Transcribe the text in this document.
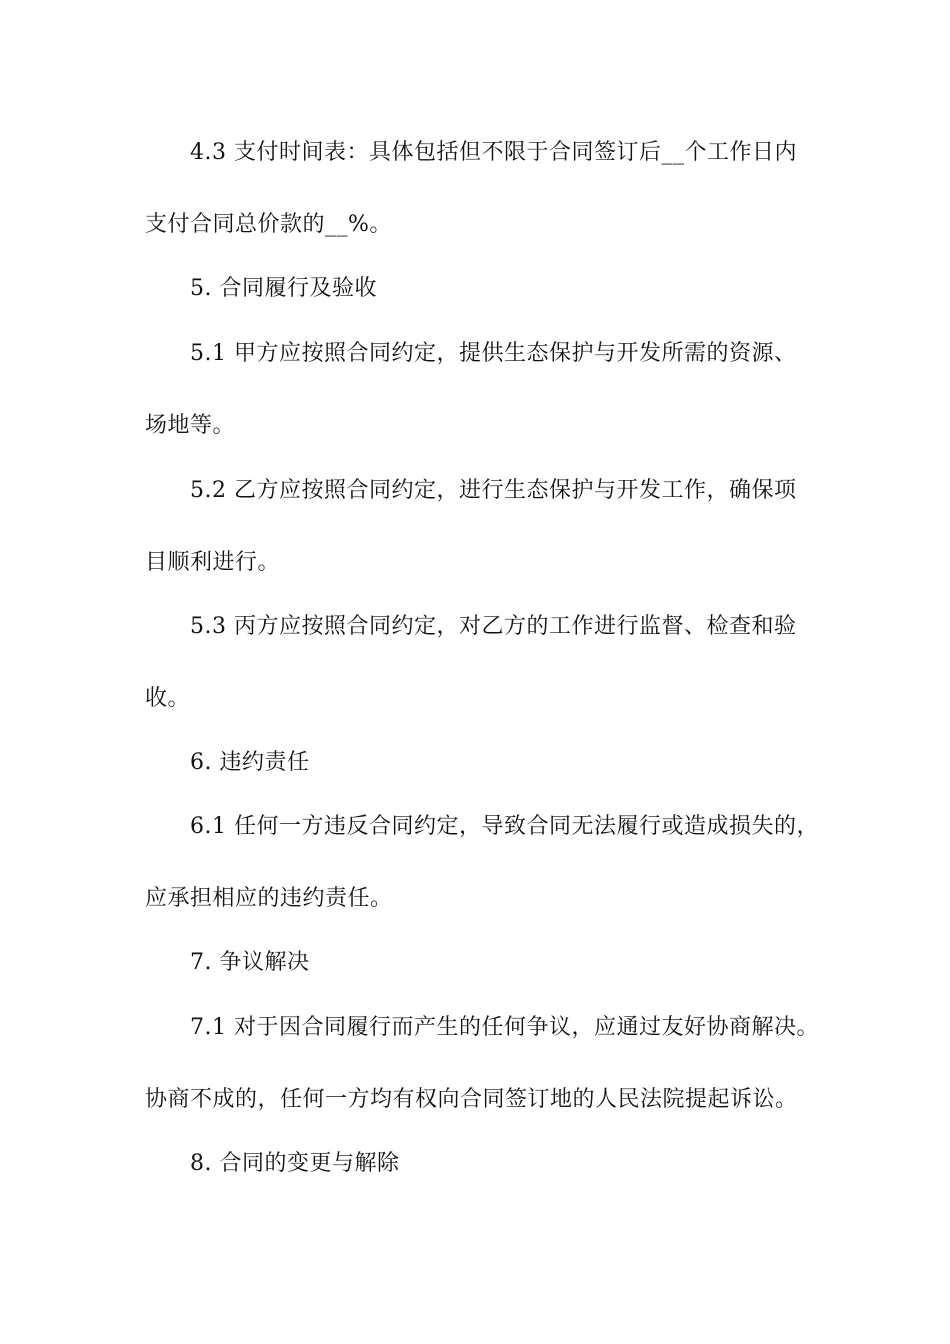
4.3 支付时间表：具体包括但不限于合同签订后__个工作日内
支付合同总价款的__%。
5. 合同履行及验收
5.1 甲方应按照合同约定，提供生态保护与开发所需的资源、
场地等。
5.2 乙方应按照合同约定，进行生态保护与开发工作，确保项
目顺利进行。
5.3 丙方应按照合同约定，对乙方的工作进行监督、检查和验
收。
6. 违约责任
6.1 任何一方违反合同约定，导致合同无法履行或造成损失的，
应承担相应的违约责任。
7. 争议解决
7.1 对于因合同履行而产生的任何争议，应通过友好协商解决。
协商不成的，任何一方均有权向合同签订地的人民法院提起诉讼。
8. 合同的变更与解除
